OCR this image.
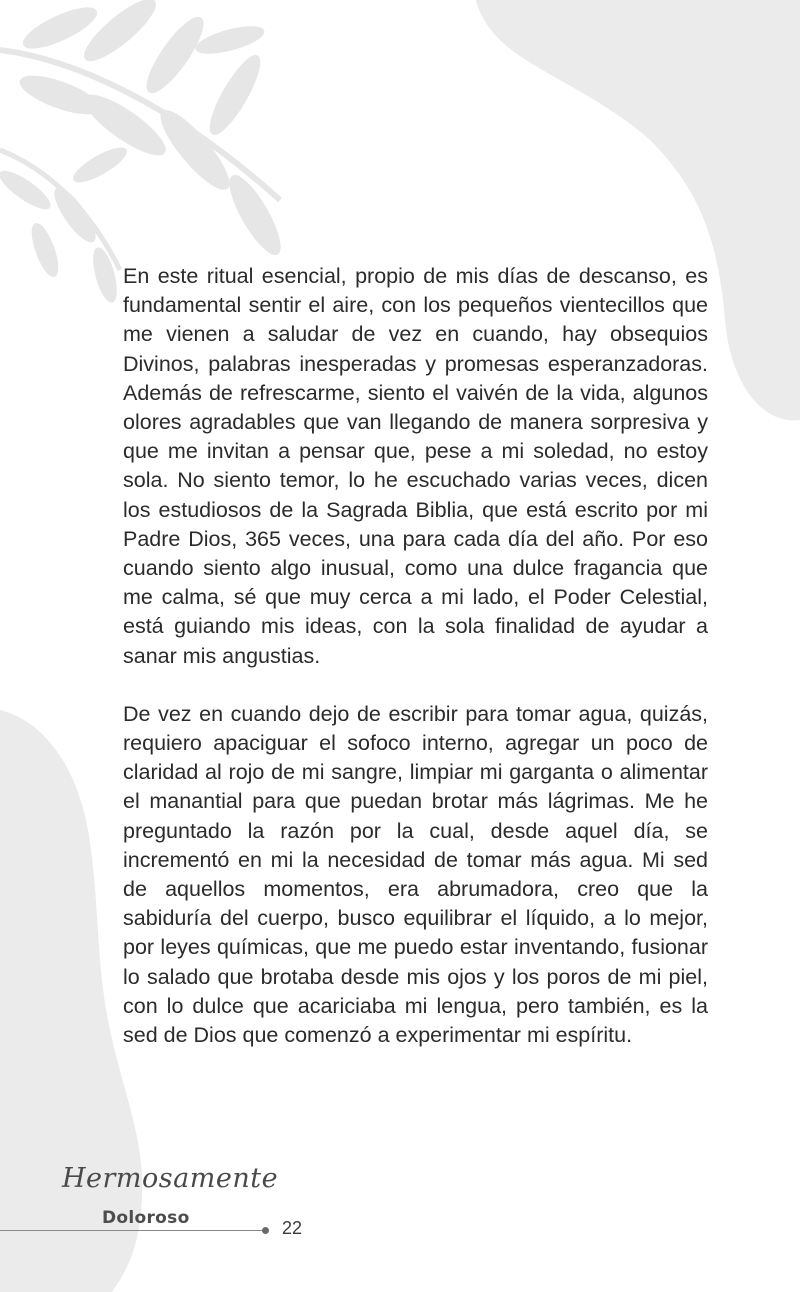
En este ritual esencial, propio de mis días de descanso, es fundamental sentir el aire, con los pequeños vientecillos que me vienen a saludar de vez en cuando, hay obsequios Divinos, palabras inesperadas y promesas esperanzadoras. Además de refrescarme, siento el vaivén de la vida, algunos olores agradables que van llegando de manera sorpresiva y que me invitan a pensar que, pese a mi soledad, no estoy sola. No siento temor, lo he escuchado varias veces, dicen los estudiosos de la Sagrada Biblia, que está escrito por mi Padre Dios, 365 veces, una para cada día del año. Por eso cuando siento algo inusual, como una dulce fragancia que me calma, sé que muy cerca a mi lado, el Poder Celestial, está guiando mis ideas, con la sola finalidad de ayudar a sanar mis angustias.

De vez en cuando dejo de escribir para tomar agua, quizás, requiero apaciguar el sofoco interno, agregar un poco de claridad al rojo de mi sangre, limpiar mi garganta o alimentar el manantial para que puedan brotar más lágrimas. Me he preguntado la razón por la cual, desde aquel día, se incrementó en mi la necesidad de tomar más agua. Mi sed de aquellos momentos, era abrumadora, creo que la sabiduría del cuerpo, busco equilibrar el líquido, a lo mejor, por leyes químicas, que me puedo estar inventando, fusionar lo salado que brotaba desde mis ojos y los poros de mi piel, con lo dulce que acariciaba mi lengua, pero también, es la sed de Dios que comenzó a experimentar mi espíritu.

Hermosamente
Doloroso	22
